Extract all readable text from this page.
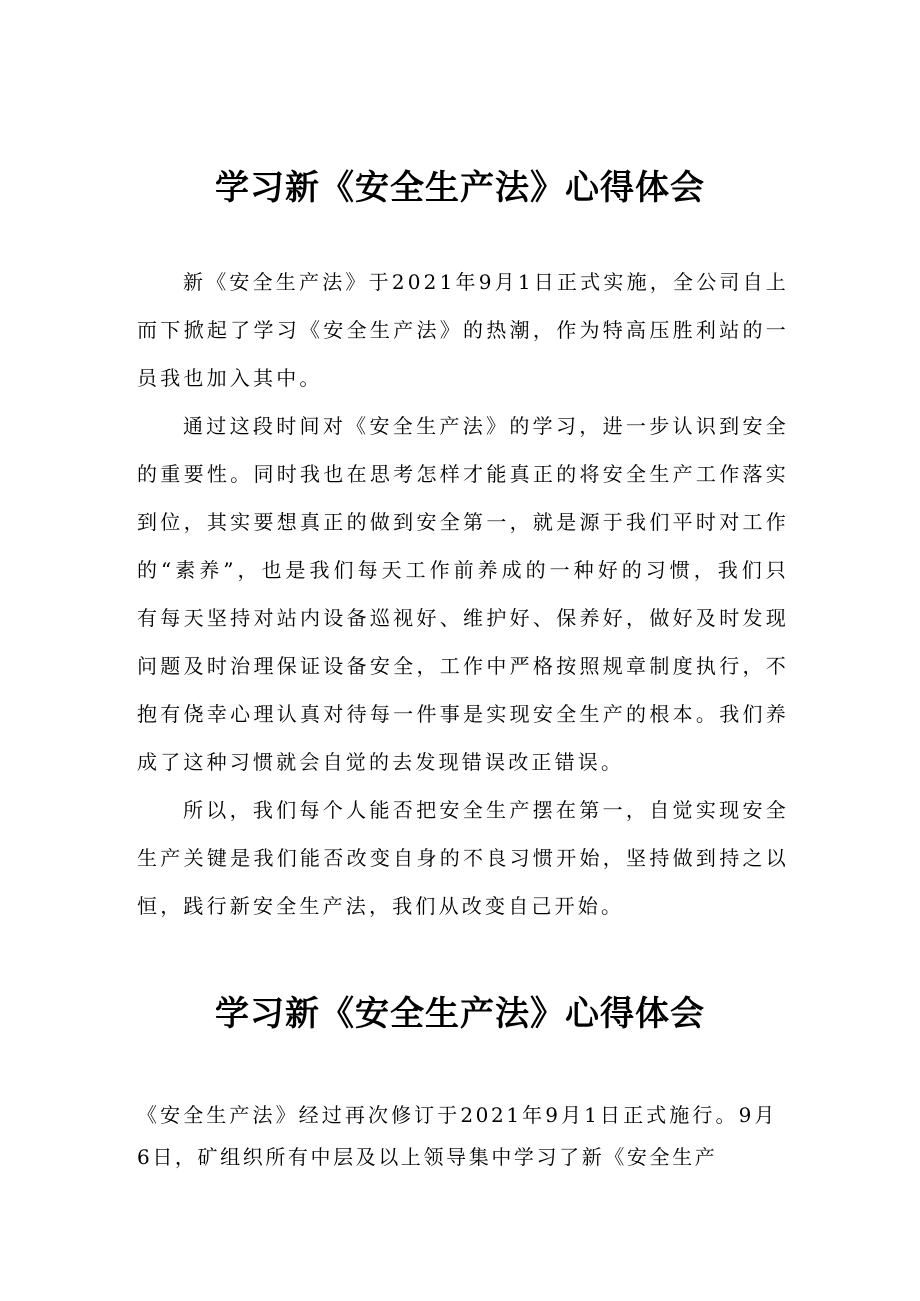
学习新《安全生产法》心得体会

新《安全生产法》于2021年9月1日正式实施，全公司自上而下掀起了学习《安全生产法》的热潮，作为特高压胜利站的一员我也加入其中。

通过这段时间对《安全生产法》的学习，进一步认识到安全的重要性。同时我也在思考怎样才能真正的将安全生产工作落实到位，其实要想真正的做到安全第一，就是源于我们平时对工作的“素养”，也是我们每天工作前养成的一种好的习惯，我们只有每天坚持对站内设备巡视好、维护好、保养好，做好及时发现问题及时治理保证设备安全，工作中严格按照规章制度执行，不抱有侥幸心理认真对待每一件事是实现安全生产的根本。我们养成了这种习惯就会自觉的去发现错误改正错误。

所以，我们每个人能否把安全生产摆在第一，自觉实现安全生产关键是我们能否改变自身的不良习惯开始，坚持做到持之以恒，践行新安全生产法，我们从改变自己开始。

学习新《安全生产法》心得体会

《安全生产法》经过再次修订于2021年9月1日正式施行。9月6日，矿组织所有中层及以上领导集中学习了新《安全生产
